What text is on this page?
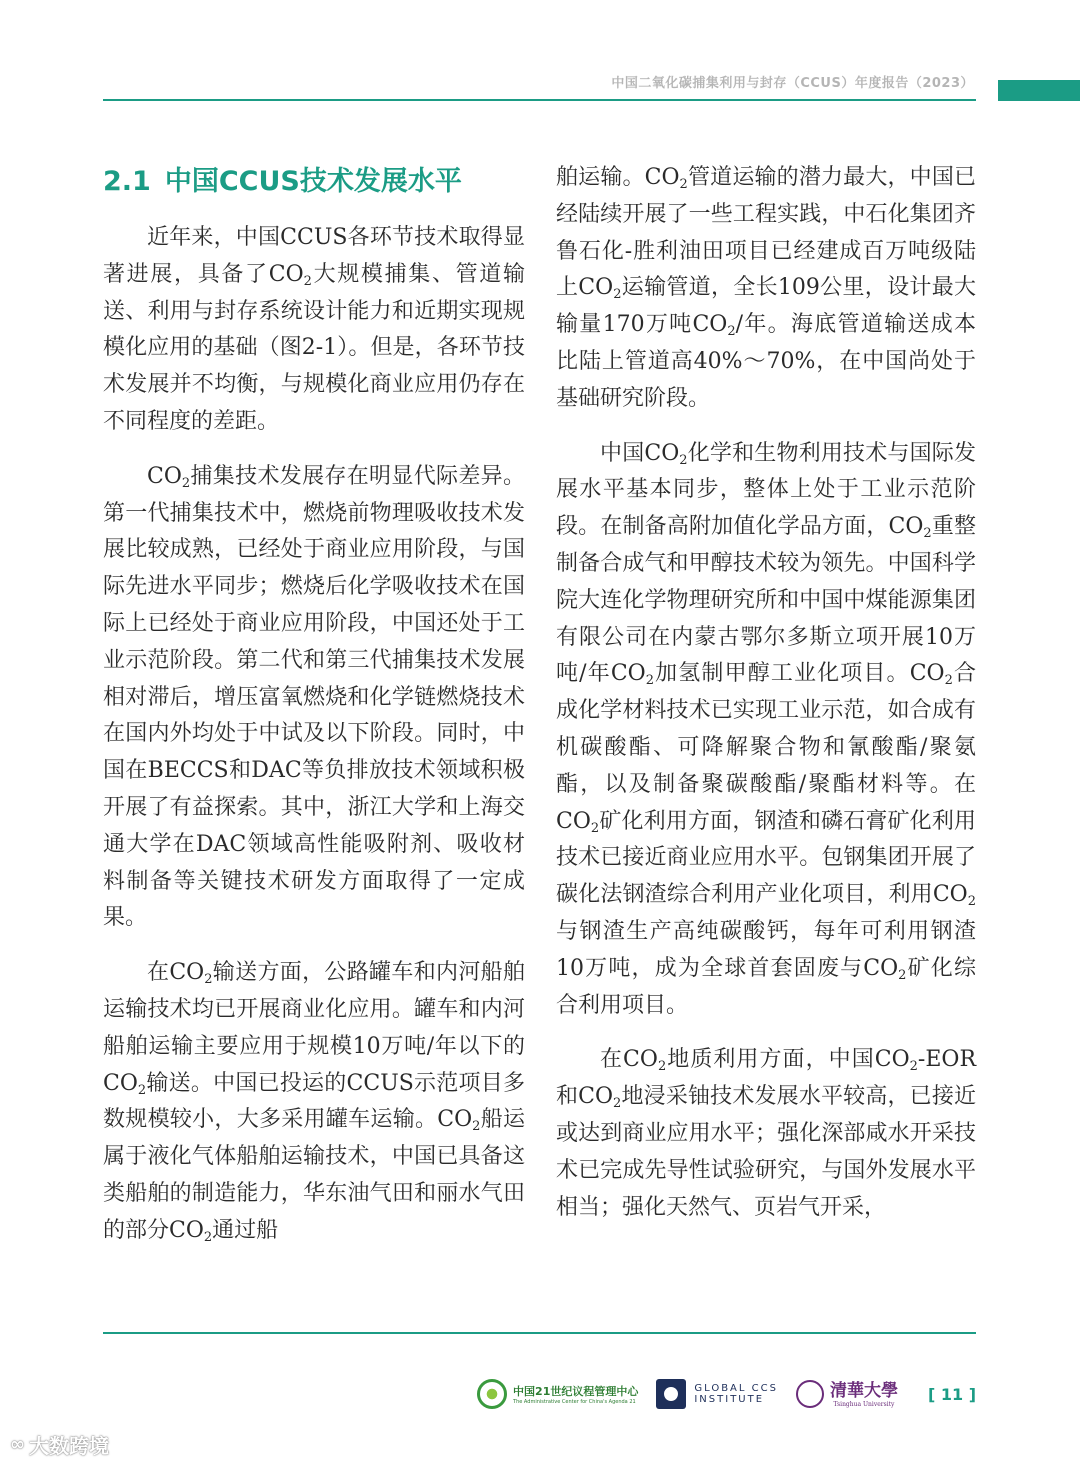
中国二氧化碳捕集利用与封存（CCUS）年度报告（2023）
2.1 中国CCUS技术发展水平

近年来，中国CCUS各环节技术取得显著进展，具备了$CO_2$大规模捕集、管道输送、利用与封存系统设计能力和近期实现规模化应用的基础（图2-1）。但是，各环节技术发展并不均衡，与规模化商业应用仍存在不同程度的差距。

$CO_2$捕集技术发展存在明显代际差异。第一代捕集技术中，燃烧前物理吸收技术发展比较成熟，已经处于商业应用阶段，与国际先进水平同步；燃烧后化学吸收技术在国际上已经处于商业应用阶段，中国还处于工业示范阶段。第二代和第三代捕集技术发展相对滞后，增压富氧燃烧和化学链燃烧技术在国内外均处于中试及以下阶段。同时，中国在BECCS和DAC等负排放技术领域积极开展了有益探索。其中，浙江大学和上海交通大学在DAC领域高性能吸附剂、吸收材料制备等关键技术研发方面取得了一定成果。

在$CO_2$输送方面，公路罐车和内河船舶运输技术均已开展商业化应用。罐车和内河船舶运输主要应用于规模10万吨/年以下的$CO_2$输送。中国已投运的CCUS示范项目多数规模较小，大多采用罐车运输。$CO_2$船运属于液化气体船舶运输技术，中国已具备这类船舶的制造能力，华东油气田和丽水气田的部分$CO_2$通过船

舶运输。$CO_2$管道运输的潜力最大，中国已经陆续开展了一些工程实践，中石化集团齐鲁石化-胜利油田项目已经建成百万吨级陆上$CO_2$运输管道，全长109公里，设计最大输量170万吨$CO_2/$年。海底管道输送成本比陆上管道高40%～70%，在中国尚处于基础研究阶段。

中国$CO_2$化学和生物利用技术与国际发展水平基本同步，整体上处于工业示范阶段。在制备高附加值化学品方面，$CO_2$重整制备合成气和甲醇技术较为领先。中国科学院大连化学物理研究所和中国中煤能源集团有限公司在内蒙古鄂尔多斯立项开展10万吨/年$CO_2$加氢制甲醇工业化项目。$CO_2$合成化学材料技术已实现工业示范，如合成有机碳酸酯、可降解聚合物和氰酸酯/聚氨酯，以及制备聚碳酸酯/聚酯材料等。在$CO_2$矿化利用方面，钢渣和磷石膏矿化利用技术已接近商业应用水平。包钢集团开展了碳化法钢渣综合利用产业化项目，利用$CO_2$与钢渣生产高纯碳酸钙，每年可利用钢渣10万吨，成为全球首套固废与$CO_2$矿化综合利用项目。

在$CO_2$地质利用方面，中国$CO_2$-EOR和$CO_2$地浸采铀技术发展水平较高，已接近或达到商业应用水平；强化深部咸水开采技术已完成先导性试验研究，与国外发展水平相当；强化天然气、页岩气开采，

中国21世纪议程管理中心
The Administrative Center for China's Agenda 21
GLOBAL CCS
INSTITUTE	清華大學
Tsinghua University
[ 11 ]
∞ 大数跨境
